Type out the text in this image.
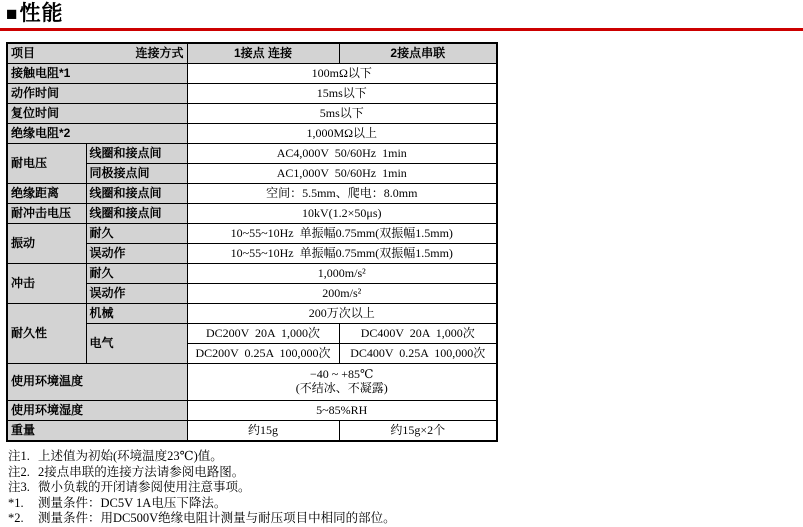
■性能
项目 连接方式		1接点 连接	2接点串联
接触电阻*1		100mΩ以下	
动作时间		15ms以下	
复位时间		5ms以下	
绝缘电阻*2		1,000MΩ以上	
耐电压	线圈和接点间	AC4,000V  50/60Hz  1min	
	同极接点间	AC1,000V  50/60Hz  1min	
绝缘距离	线圈和接点间	空间：5.5mm、爬电：8.0mm	
耐冲击电压	线圈和接点间	10kV(1.2×50μs)	
振动	耐久	10~55~10Hz  单振幅0.75mm(双振幅1.5mm)	
	误动作	10~55~10Hz  单振幅0.75mm(双振幅1.5mm)	
冲击	耐久	1,000m/s²	
	误动作	200m/s²	
耐久性	机械	200万次以上	
	电气	DC200V  20A  1,000次	DC400V  20A  1,000次
		DC200V  0.25A  100,000次	DC400V  0.25A  100,000次
使用环境温度		−40 ~ +85℃
(不结冰、不凝露)	

使用环境湿度		5~85%RH	
重量		约15g	约15g×2个
注1. 上述值为初始(环境温度23℃)值。
注2. 2接点串联的连接方法请参阅电路图。
注3. 微小负载的开闭请参阅使用注意事项。
*1.	测量条件：DC5V 1A电压下降法。
*2.	测量条件：用DC500V绝缘电阻计测量与耐压项目中相同的部位。
